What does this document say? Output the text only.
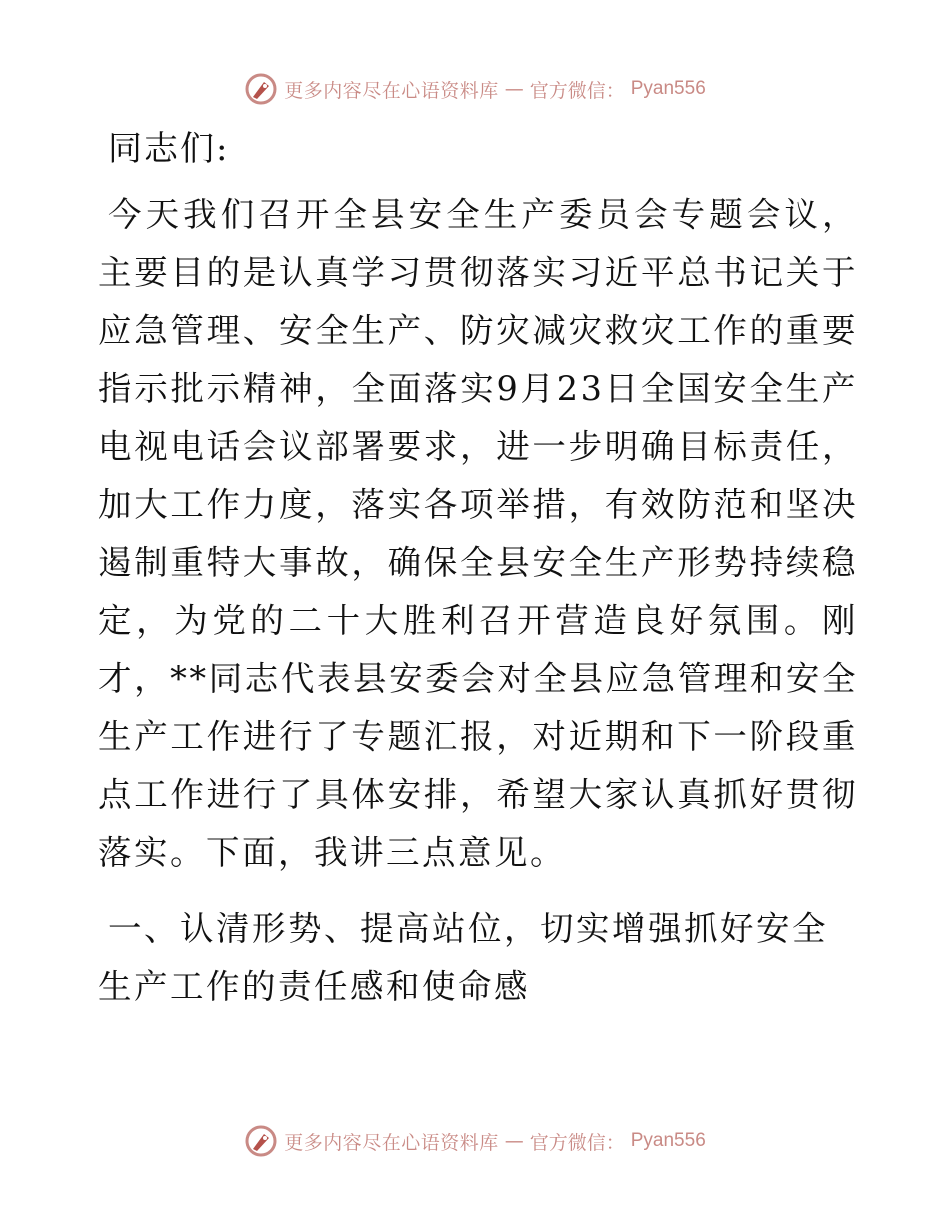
更多内容尽在心语资料库 — 官方微信： Pyan556

同志们:

今天我们召开全县安全生产委员会专题会议，主要目的是认真学习贯彻落实习近平总书记关于应急管理、安全生产、防灾减灾救灾工作的重要指示批示精神，全面落实9月23日全国安全生产电视电话会议部署要求，进一步明确目标责任，加大工作力度，落实各项举措，有效防范和坚决遏制重特大事故，确保全县安全生产形势持续稳定，为党的二十大胜利召开营造良好氛围。刚才，**同志代表县安委会对全县应急管理和安全生产工作进行了专题汇报，对近期和下一阶段重点工作进行了具体安排，希望大家认真抓好贯彻落实。下面，我讲三点意见。

一、认清形势、提高站位，切实增强抓好安全生产工作的责任感和使命感

更多内容尽在心语资料库 — 官方微信： Pyan556
